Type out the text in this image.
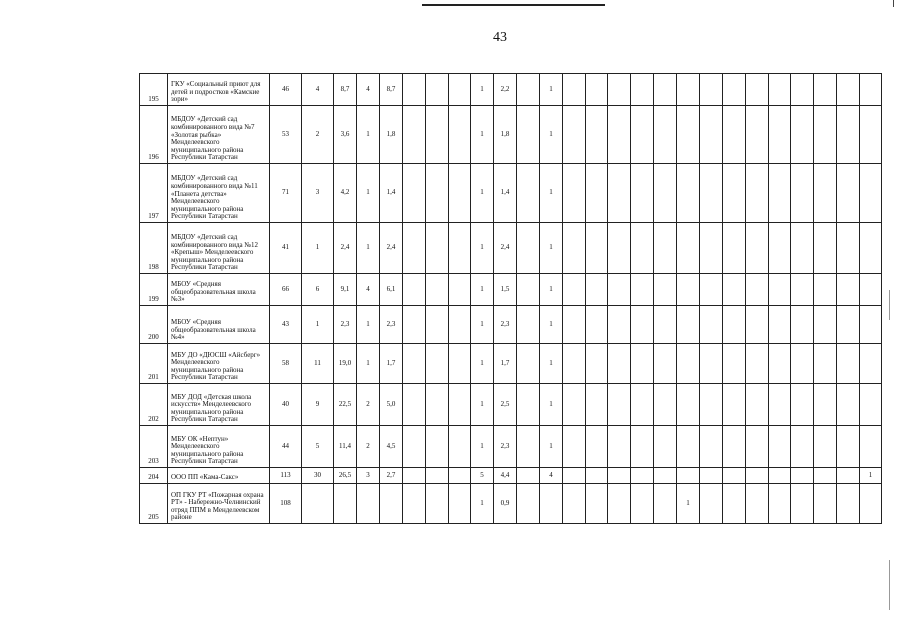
43
195	ГКУ «Социальный приют для детей и подростков «Камские зори»	46	4	8,7	4	8,7				1	2,2		1														
196	МБДОУ «Детский сад комбинированного вида №7 «Золотая рыбка» Менделеевского муниципального района Республики Татарстан	53	2	3,6	1	1,8				1	1,8		1														
197	МБДОУ «Детский сад комбинированного вида №11 «Планета детства» Менделеевского муниципального района Республики Татарстан	71	3	4,2	1	1,4				1	1,4		1														
198	МБДОУ «Детский сад комбинированного вида №12 «Крепыш» Менделеевского муниципального района Республики Татарстан	41	1	2,4	1	2,4				1	2,4		1														
199	МБОУ «Средняя общеобразовательная школа №3»	66	6	9,1	4	6,1				1	1,5		1														
200	МБОУ «Средняя общеобразовательная школа №4»	43	1	2,3	1	2,3				1	2,3		1														
201	МБУ ДО «ДЮСШ «Айсберг» Менделеевского муниципального района Республики Татарстан	58	11	19,0	1	1,7				1	1,7		1														
202	МБУ ДОД «Детская школа искусств» Менделеевского муниципального района Республики Татарстан	40	9	22,5	2	5,0				1	2,5		1														
203	МБУ ОК «Нептун» Менделеевского муниципального района Республики Татарстан	44	5	11,4	2	4,5				1	2,3		1														
204	ООО ПП «Кама-Сакс»	113	30	26,5	3	2,7				5	4,4		4														1
205	ОП ГКУ РТ «Пожарная охрана РТ» - Набережно-Челнинский отряд ППМ в Менделеевском районе	108								1	0,9								1								
